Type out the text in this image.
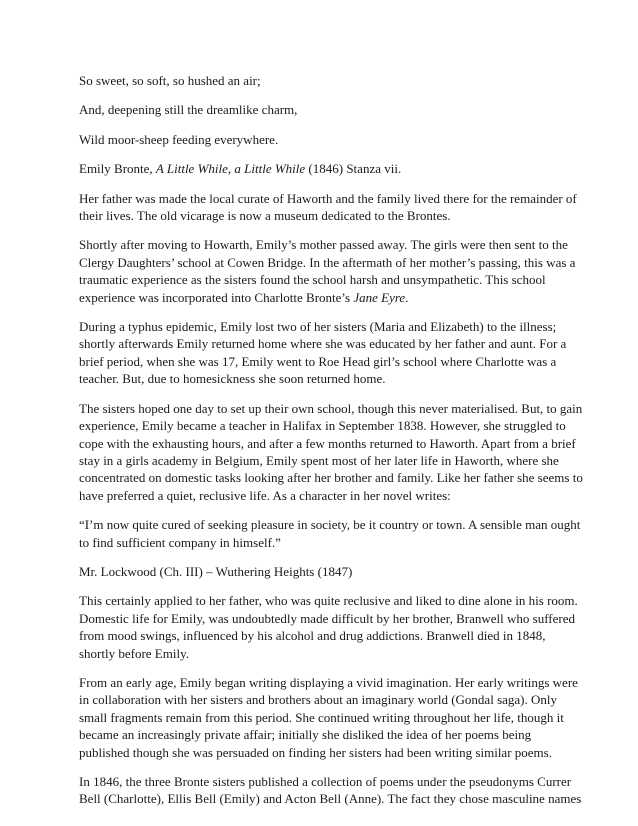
So sweet, so soft, so hushed an air;

And, deepening still the dreamlike charm,

Wild moor-sheep feeding everywhere.

Emily Bronte, A Little While, a Little While (1846) Stanza vii.

Her father was made the local curate of Haworth and the family lived there for the remainder of their lives. The old vicarage is now a museum dedicated to the Brontes.

Shortly after moving to Howarth, Emily’s mother passed away. The girls were then sent to the Clergy Daughters’ school at Cowen Bridge. In the aftermath of her mother’s passing, this was a traumatic experience as the sisters found the school harsh and unsympathetic. This school experience was incorporated into Charlotte Bronte’s Jane Eyre.

During a typhus epidemic, Emily lost two of her sisters (Maria and Elizabeth) to the illness; shortly afterwards Emily returned home where she was educated by her father and aunt. For a brief period, when she was 17, Emily went to Roe Head girl’s school where Charlotte was a teacher. But, due to homesickness she soon returned home.

The sisters hoped one day to set up their own school, though this never materialised. But, to gain experience, Emily became a teacher in Halifax in September 1838. However, she struggled to cope with the exhausting hours, and after a few months returned to Haworth. Apart from a brief stay in a girls academy in Belgium, Emily spent most of her later life in Haworth, where she concentrated on domestic tasks looking after her brother and family. Like her father she seems to have preferred a quiet, reclusive life. As a character in her novel writes:

“I’m now quite cured of seeking pleasure in society, be it country or town. A sensible man ought to find sufficient company in himself.”

Mr. Lockwood (Ch. III) – Wuthering Heights (1847)

This certainly applied to her father, who was quite reclusive and liked to dine alone in his room. Domestic life for Emily, was undoubtedly made difficult by her brother, Branwell who suffered from mood swings, influenced by his alcohol and drug addictions. Branwell died in 1848, shortly before Emily.

From an early age, Emily began writing displaying a vivid imagination. Her early writings were in collaboration with her sisters and brothers about an imaginary world (Gondal saga). Only small fragments remain from this period. She continued writing throughout her life, though it became an increasingly private affair; initially she disliked the idea of her poems being published though she was persuaded on finding her sisters had been writing similar poems.

In 1846, the three Bronte sisters published a collection of poems under the pseudonyms Currer Bell (Charlotte), Ellis Bell (Emily) and Acton Bell (Anne). The fact they chose masculine names
